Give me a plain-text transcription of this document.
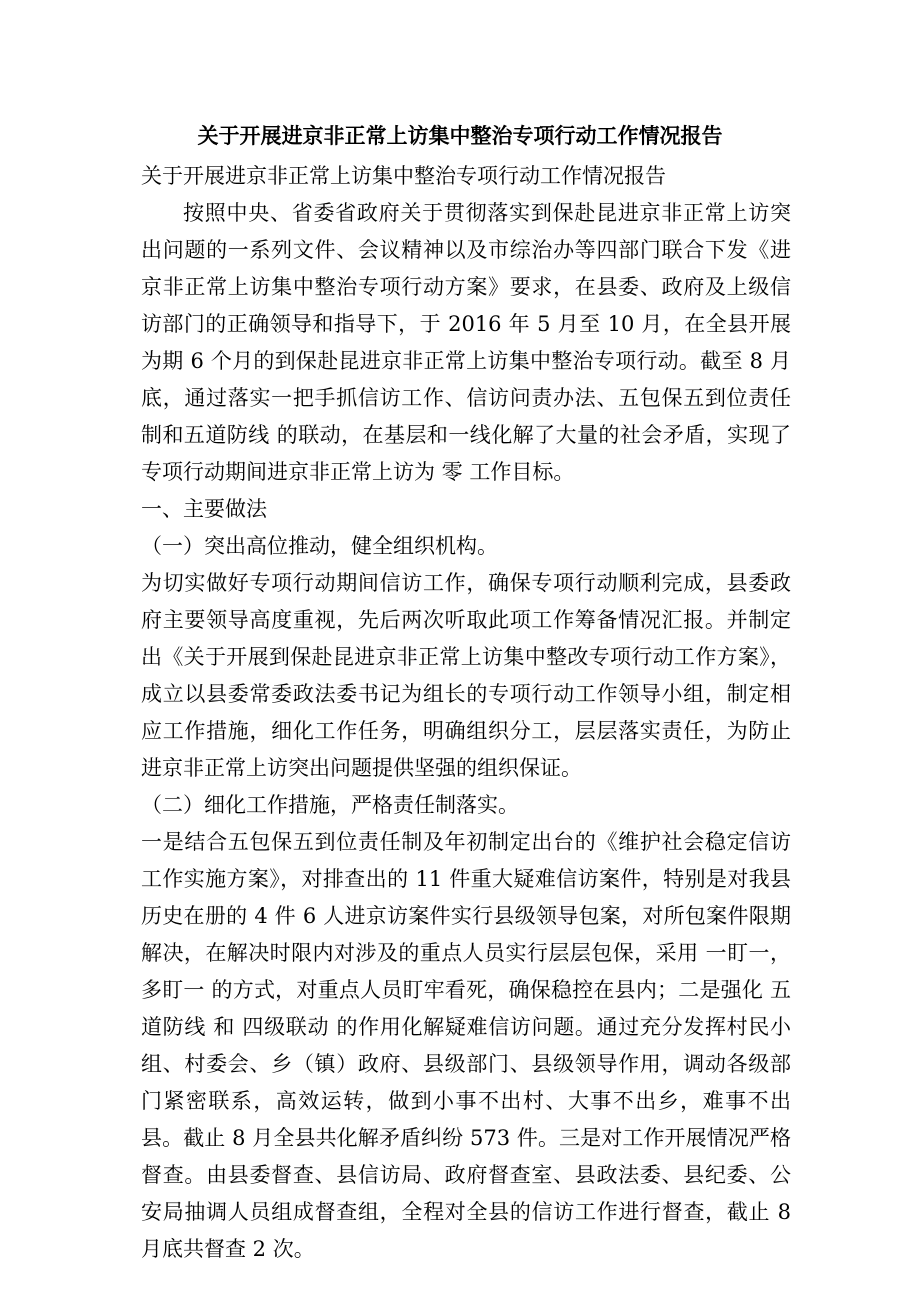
关于开展进京非正常上访集中整治专项行动工作情况报告

关于开展进京非正常上访集中整治专项行动工作情况报告

按照中央、省委省政府关于贯彻落实到保赴昆进京非正常上访突出问题的一系列文件、会议精神以及市综治办等四部门联合下发《进京非正常上访集中整治专项行动方案》要求，在县委、政府及上级信访部门的正确领导和指导下，于 2016 年 5 月至 10 月，在全县开展为期 6 个月的到保赴昆进京非正常上访集中整治专项行动。截至 8 月底，通过落实一把手抓信访工作、信访问责办法、五包保五到位责任制和五道防线 的联动，在基层和一线化解了大量的社会矛盾，实现了专项行动期间进京非正常上访为 零 工作目标。

一、主要做法

（一）突出高位推动，健全组织机构。

为切实做好专项行动期间信访工作，确保专项行动顺利完成，县委政府主要领导高度重视，先后两次听取此项工作筹备情况汇报。并制定出《关于开展到保赴昆进京非正常上访集中整改专项行动工作方案》，成立以县委常委政法委书记为组长的专项行动工作领导小组，制定相应工作措施，细化工作任务，明确组织分工，层层落实责任，为防止进京非正常上访突出问题提供坚强的组织保证。

（二）细化工作措施，严格责任制落实。

一是结合五包保五到位责任制及年初制定出台的《维护社会稳定信访工作实施方案》，对排查出的 11 件重大疑难信访案件，特别是对我县历史在册的 4 件 6 人进京访案件实行县级领导包案，对所包案件限期解决，在解决时限内对涉及的重点人员实行层层包保，采用 一盯一，多盯一 的方式，对重点人员盯牢看死，确保稳控在县内；二是强化 五道防线 和 四级联动 的作用化解疑难信访问题。通过充分发挥村民小组、村委会、乡（镇）政府、县级部门、县级领导作用，调动各级部门紧密联系，高效运转，做到小事不出村、大事不出乡，难事不出县。截止 8 月全县共化解矛盾纠纷 573 件。三是对工作开展情况严格督查。由县委督查、县信访局、政府督查室、县政法委、县纪委、公安局抽调人员组成督查组，全程对全县的信访工作进行督查，截止 8 月底共督查 2 次。
